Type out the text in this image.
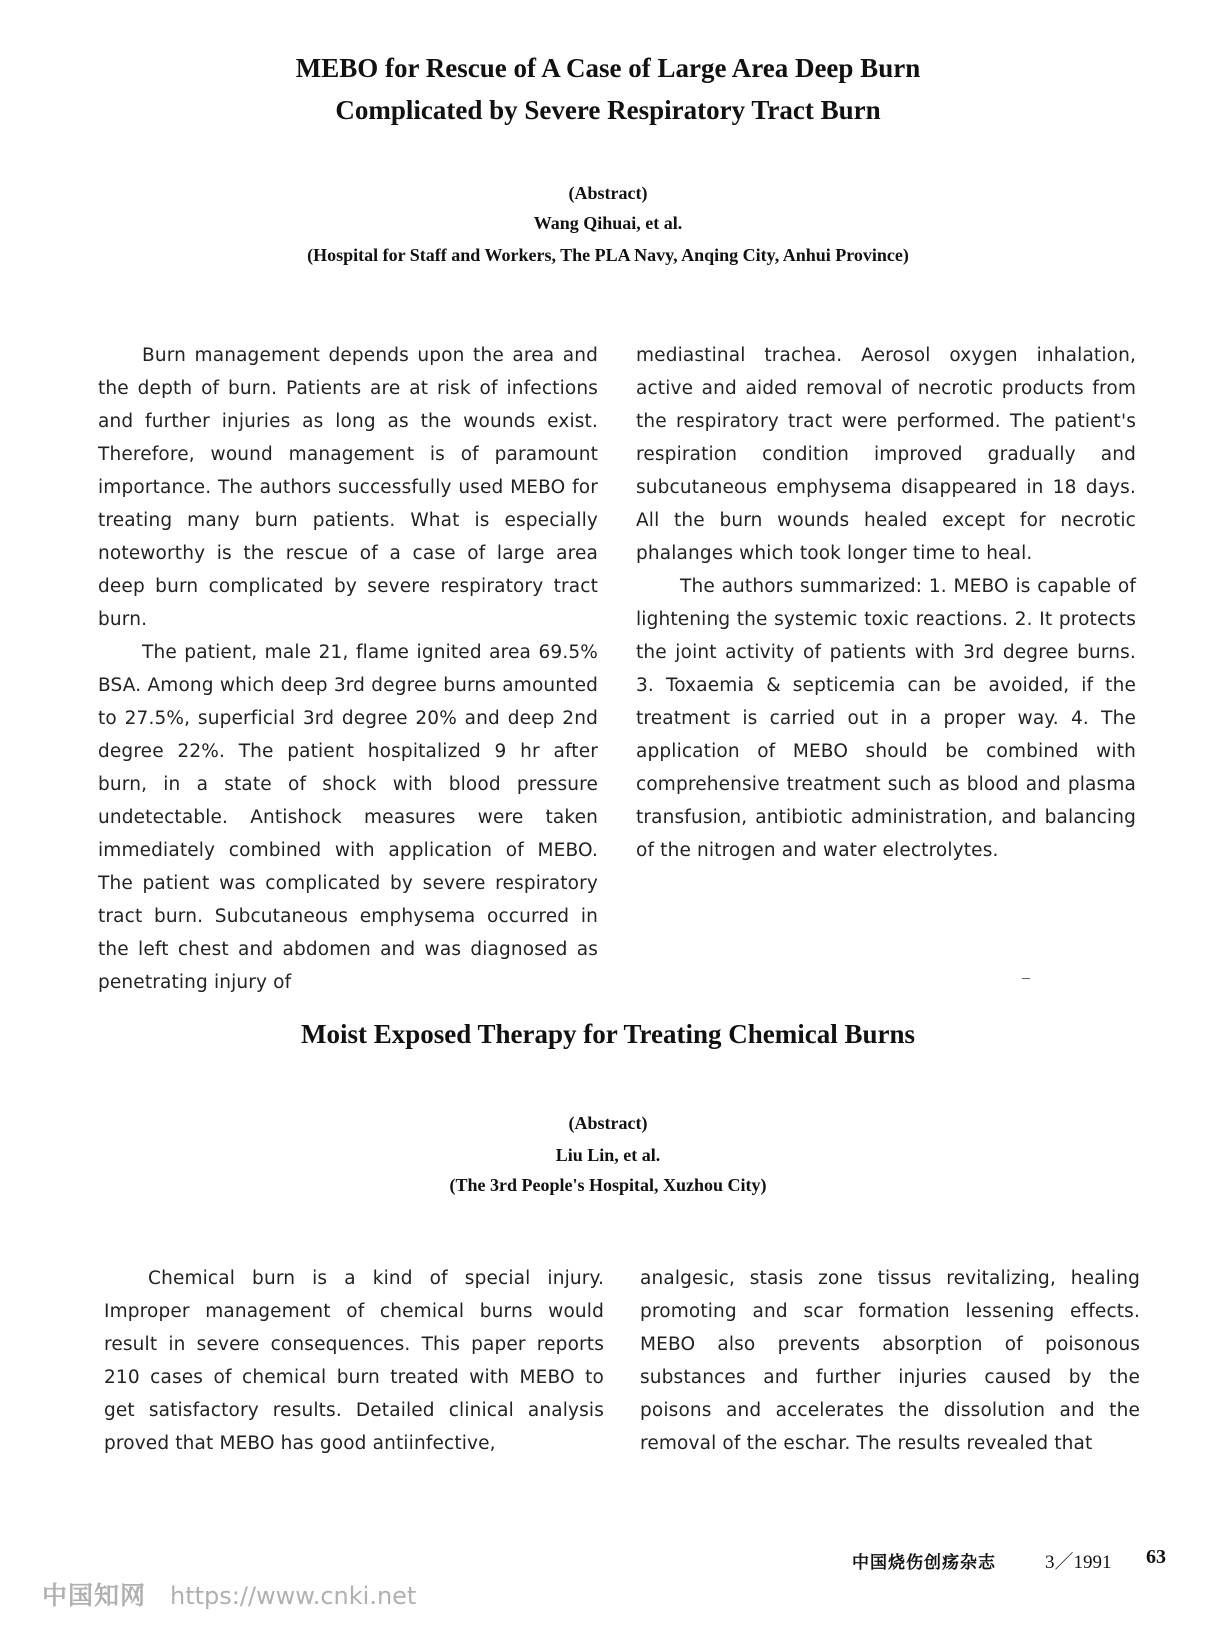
MEBO for Rescue of A Case of Large Area Deep Burn
Complicated by Severe Respiratory Tract Burn
(Abstract)
Wang Qihuai, et al.
(Hospital for Staff and Workers, The PLA Navy, Anqing City, Anhui Province)

Burn management depends upon the area and the depth of burn. Patients are at risk of infections and further injuries as long as the wounds exist. Therefore, wound management is of paramount importance. The authors successfully used MEBO for treating many burn patients. What is especially noteworthy is the rescue of a case of large area deep burn complicated by severe respiratory tract burn.

The patient, male 21, flame ignited area 69.5% BSA. Among which deep 3rd degree burns amounted to 27.5%, superficial 3rd degree 20% and deep 2nd degree 22%. The patient hospitalized 9 hr after burn, in a state of shock with blood pressure undetectable. Antishock measures were taken immediately combined with application of MEBO. The patient was complicated by severe respiratory tract burn. Subcutaneous emphysema occurred in the left chest and abdomen and was diagnosed as penetrating injury of

mediastinal trachea. Aerosol oxygen inhalation, active and aided removal of necrotic products from the respiratory tract were performed. The patient's respiration condition improved gradually and subcutaneous emphysema disappeared in 18 days. All the burn wounds healed except for necrotic phalanges which took longer time to heal.

The authors summarized: 1. MEBO is capable of lightening the systemic toxic reactions. 2. It protects the joint activity of patients with 3rd degree burns. 3. Toxaemia & septicemia can be avoided, if the treatment is carried out in a proper way. 4. The application of MEBO should be combined with comprehensive treatment such as blood and plasma transfusion, antibiotic administration, and balancing of the nitrogen and water electrolytes.

Moist Exposed Therapy for Treating Chemical Burns
(Abstract)
Liu Lin, et al.
(The 3rd People's Hospital, Xuzhou City)

Chemical burn is a kind of special injury. Improper management of chemical burns would result in severe consequences. This paper reports 210 cases of chemical burn treated with MEBO to get satisfactory results. Detailed clinical analysis proved that MEBO has good antiinfective,

analgesic, stasis zone tissus revitalizing, healing promoting and scar formation lessening effects. MEBO also prevents absorption of poisonous substances and further injuries caused by the poisons and accelerates the dissolution and the removal of the eschar. The results revealed that

中国烧伤创疡杂志	3／1991 63
中国知网 https://www.cnki.net
